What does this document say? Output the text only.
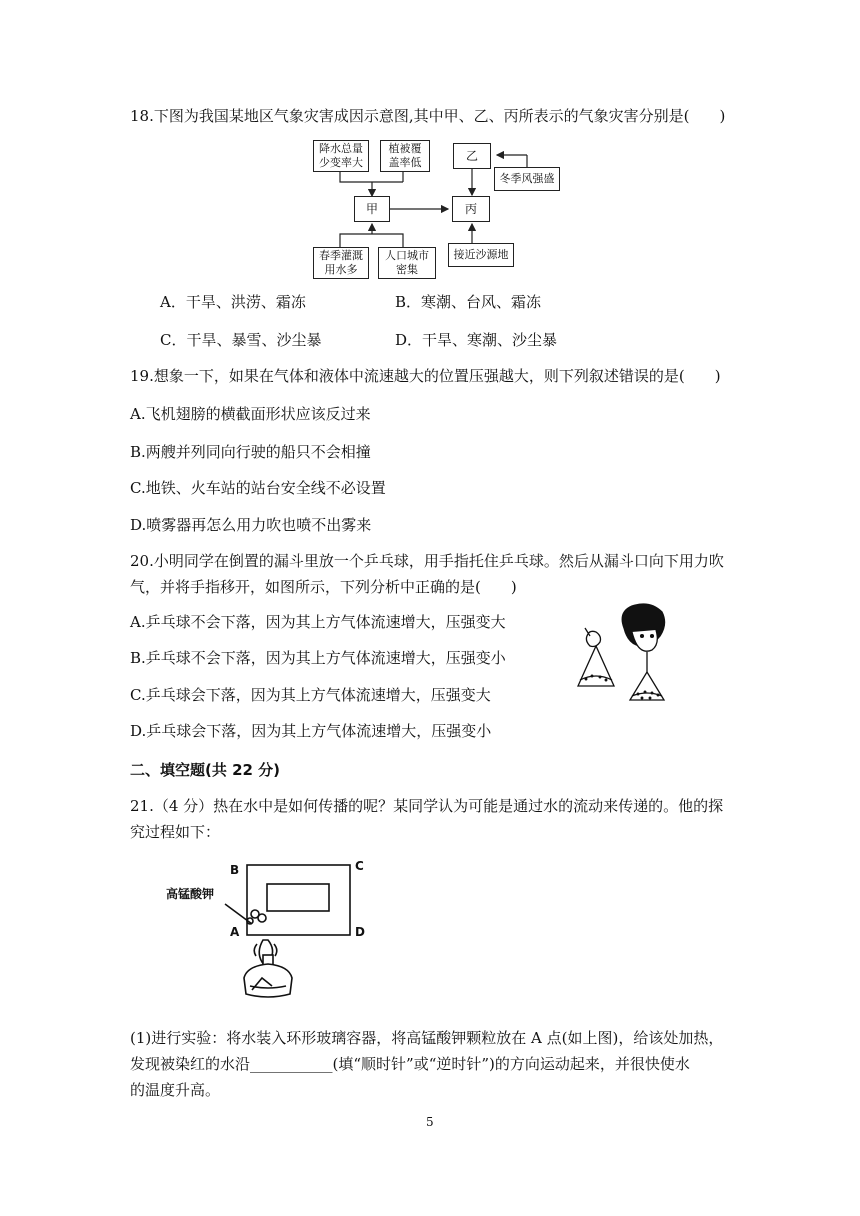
18.下图为我国某地区气象灾害成因示意图,其中甲、乙、丙所表示的气象灾害分别是(　　)
降水总量
少变率大
植被覆
盖率低
甲
乙
丙
冬季风强盛
春季灌溉
用水多
人口城市
密集
接近沙源地
A．干旱、洪涝、霜冻	B．寒潮、台风、霜冻
C．干旱、暴雪、沙尘暴	D．干旱、寒潮、沙尘暴
19.想象一下，如果在气体和液体中流速越大的位置压强越大，则下列叙述错误的是(　　)
A.飞机翅膀的横截面形状应该反过来
B.两艘并列同向行驶的船只不会相撞
C.地铁、火车站的站台安全线不必设置
D.喷雾器再怎么用力吹也喷不出雾来
20.小明同学在倒置的漏斗里放一个乒乓球，用手指托住乒乓球。然后从漏斗口向下用力吹
气，并将手指移开，如图所示，下列分析中正确的是(　　)
A.乒乓球不会下落，因为其上方气体流速增大，压强变大
B.乒乓球不会下落，因为其上方气体流速增大，压强变小
C.乒乓球会下落，因为其上方气体流速增大，压强变大
D.乒乓球会下落，因为其上方气体流速增大，压强变小
二、填空题(共 22 分)
21.（4 分）热在水中是如何传播的呢？某同学认为可能是通过水的流动来传递的。他的探
究过程如下：
B	C
A	D
高锰酸钾
(1)进行实验：将水装入环形玻璃容器，将高锰酸钾颗粒放在 A 点(如上图)，给该处加热，
发现被染红的水沿___________(填“顺时针”或“逆时针”)的方向运动起来，并很快使水
的温度升高。
5
